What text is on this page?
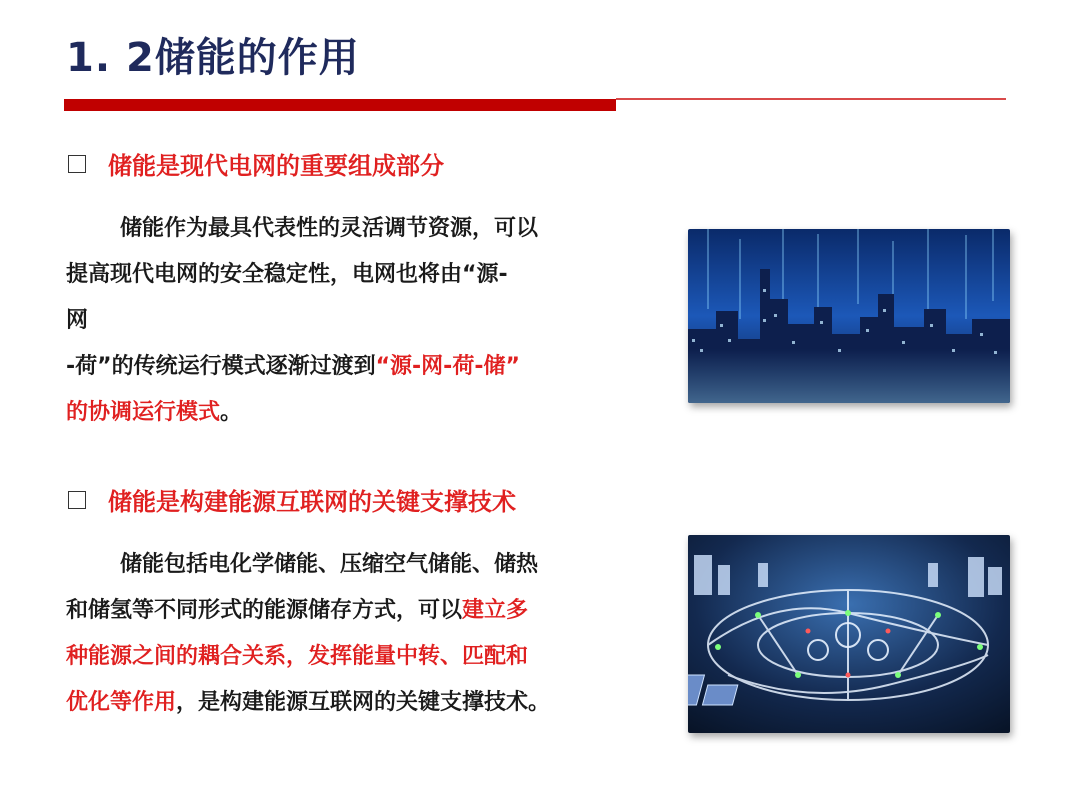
1. 2储能的作用
储能是现代电网的重要组成部分
储能作为最具代表性的灵活调节资源，可以
提高现代电网的安全稳定性，电网也将由“源-
网
-荷”的传统运行模式逐渐过渡到“源-网-荷-储”
的协调运行模式。
储能是构建能源互联网的关键支撑技术
储能包括电化学储能、压缩空气储能、储热
和储氢等不同形式的能源储存方式，可以建立多
种能源之间的耦合关系，发挥能量中转、匹配和
优化等作用，是构建能源互联网的关键支撑技术。
